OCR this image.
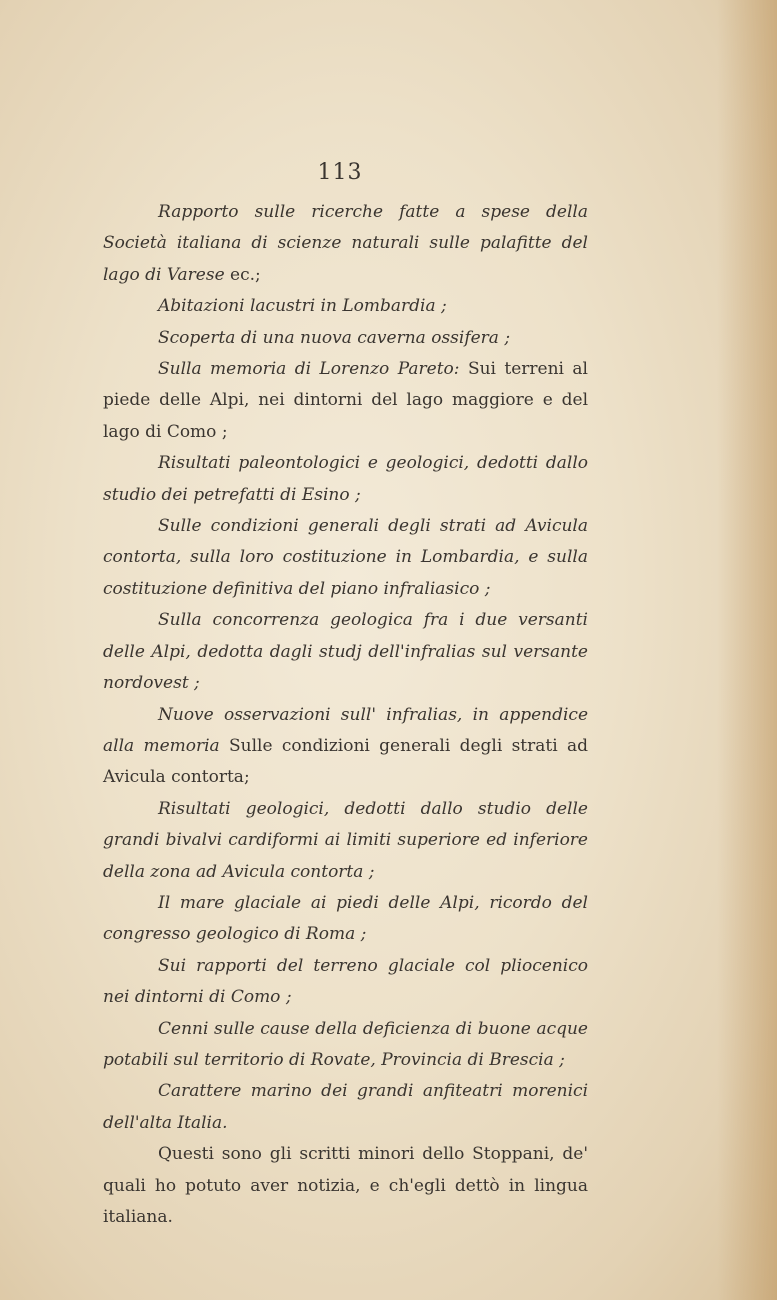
113

Rapporto sulle ricerche fatte a spese della Società italiana di scienze naturali sulle palafitte del lago di Varese ec.;

Abitazioni lacustri in Lombardia ;

Scoperta di una nuova caverna ossifera ;

Sulla memoria di Lorenzo Pareto: Sui terreni al piede delle Alpi, nei dintorni del lago maggiore e del lago di Como ;

Risultati paleontologici e geologici, dedotti dallo studio dei petrefatti di Esino ;

Sulle condizioni generali degli strati ad Avicula contorta, sulla loro costituzione in Lombardia, e sulla costituzione definitiva del piano infraliasico ;

Sulla concorrenza geologica fra i due versanti delle Alpi, dedotta dagli studj dell'infralias sul versante nordovest ;

Nuove osservazioni sull' infralias, in appendice alla memoria Sulle condizioni generali degli strati ad Avicula contorta;

Risultati geologici, dedotti dallo studio delle grandi bivalvi cardiformi ai limiti superiore ed inferiore della zona ad Avicula contorta ;

Il mare glaciale ai piedi delle Alpi, ricordo del congresso geologico di Roma ;

Sui rapporti del terreno glaciale col pliocenico nei dintorni di Como ;

Cenni sulle cause della deficienza di buone acque potabili sul territorio di Rovate, Provincia di Brescia ;

Carattere marino dei grandi anfiteatri morenici dell'alta Italia.

Questi sono gli scritti minori dello Stoppani, de' quali ho potuto aver notizia, e ch'egli dettò in lingua italiana.
